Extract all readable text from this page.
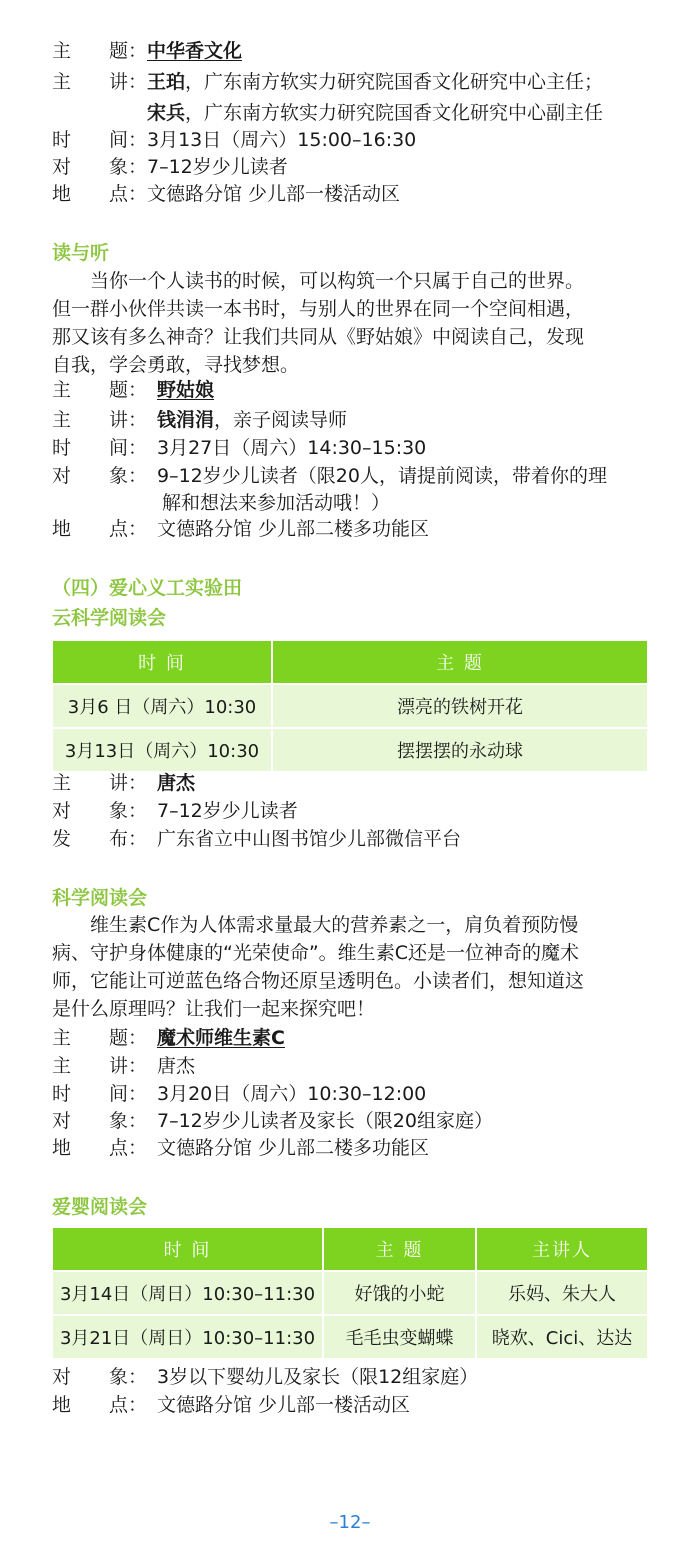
主　　题： 中华香文化
主　　讲： 王珀，广东南方软实力研究院国香文化研究中心主任；
宋兵，广东南方软实力研究院国香文化研究中心副主任
时　　间： 3月13日（周六）15:00–16:30
对　　象： 7–12岁少儿读者
地　　点： 文德路分馆 少儿部一楼活动区
读与听
当你一个人读书的时候，可以构筑一个只属于自己的世界。
但一群小伙伴共读一本书时，与别人的世界在同一个空间相遇，
那又该有多么神奇？让我们共同从《野姑娘》中阅读自己，发现
自我，学会勇敢，寻找梦想。
主　　题： 野姑娘
主　　讲： 钱涓涓，亲子阅读导师
时　　间： 3月27日（周六）14:30–15:30
对　　象： 9–12岁少儿读者（限20人，请提前阅读，带着你的理
解和想法来参加活动哦！）
地　　点： 文德路分馆 少儿部二楼多功能区
（四）爱心义工实验田
云科学阅读会
时 间	主 题
3月6 日（周六）10:30	漂亮的铁树开花
3月13日（周六）10:30	摆摆摆的永动球
主　　讲： 唐杰
对　　象： 7–12岁少儿读者
发　　布： 广东省立中山图书馆少儿部微信平台
科学阅读会
维生素C作为人体需求量最大的营养素之一，肩负着预防慢
病、守护身体健康的“光荣使命”。维生素C还是一位神奇的魔术
师，它能让可逆蓝色络合物还原呈透明色。小读者们，想知道这
是什么原理吗？让我们一起来探究吧！
主　　题： 魔术师维生素C
主　　讲： 唐杰
时　　间： 3月20日（周六）10:30–12:00
对　　象： 7–12岁少儿读者及家长（限20组家庭）
地　　点： 文德路分馆 少儿部二楼多功能区
爱婴阅读会
时 间	主 题	主讲人
3月14日（周日）10:30–11:30	好饿的小蛇	乐妈、朱大人
3月21日（周日）10:30–11:30	毛毛虫变蝴蝶	晓欢、Cici、达达
对　　象： 3岁以下婴幼儿及家长（限12组家庭）
地　　点： 文德路分馆 少儿部一楼活动区
–12–
